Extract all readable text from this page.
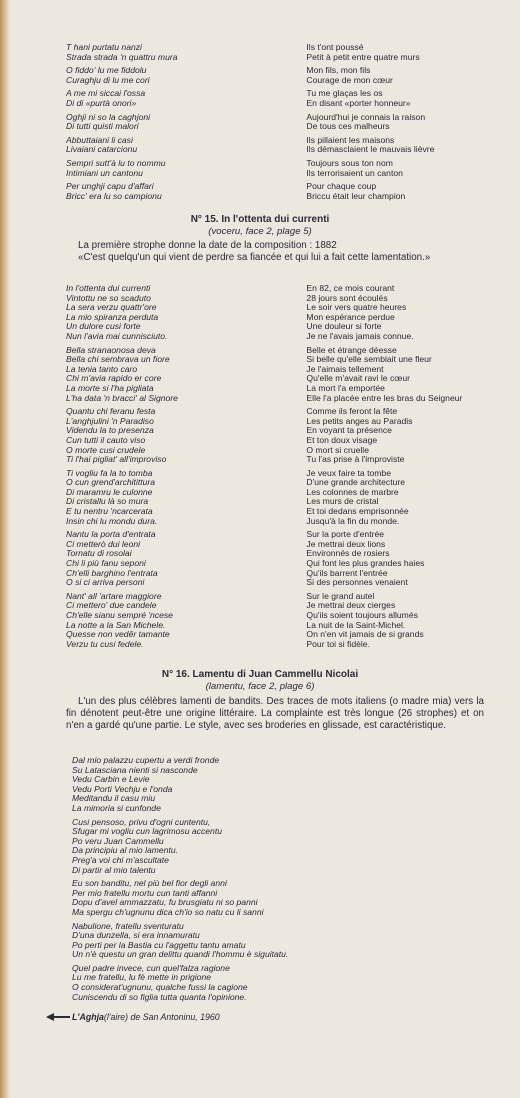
T hani purtatu nanzi	Ils t'ont poussé
Strada strada 'n quattru mura	Petit à petit entre quatre murs
O fiddo' lu me fiddolu	Mon fils, mon fils
Curaghju di lu me cori	Courage de mon cœur
A me mi siccai l'ossa	Tu me glaças les os
Di di «purtà onori»	En disant «porter honneur»
Oghji ni so la caghjoni	Aujourd'hui je connais la raison
Di tutti quisti malori	De tous ces malheurs
Abbuttaiani li casi	Ils pillaient les maisons
Livaiani catarcionu	Ils démasclaient le mauvais lièvre
Sempri sutt'à lu to nommu	Toujours sous ton nom
Intimiani un cantonu	Ils terrorisaient un canton
Per unghji capu d'affari	Pour chaque coup
Bricc' era lu so campionu	Briccu était leur champion
N° 15. In l'ottenta dui currenti
(voceru, face 2, plage 5)

La première strophe donne la date de la composition : 1882

«C'est quelqu'un qui vient de perdre sa fiancée et qui lui a fait cette lamentation.»

In l'ottenta dui currenti	En 82, ce mois courant
Vintottu ne so scaduto	28 jours sont écoulés
La sera verzu quattr'ore	Le soir vers quatre heures
La mio spiranza perduta	Mon espérance perdue
Un dulore cusi forte	Une douleur si forte
Nun l'avia mai cunnisciuto.	Je ne l'avais jamais connue.
Bella stranaonosa deva	Belle et étrange déesse
Bella chi sembrava un fiore	Si belle qu'elle semblait une fleur
La tenia tanto caro	Je l'aimais tellement
Chi m'avia rapido er core	Qu'elle m'avait ravi le cœur
La morte si l'ha pigliata	La mort l'a emportée
L'ha data 'n bracci' al Signore	Elle l'a placée entre les bras du Seigneur
Quantu chi feranu festa	Comme ils feront la fête
L'anghjulini 'n Paradiso	Les petits anges au Paradis
Videndu la to presenza	En voyant ta présence
Cun tutti il cauto viso	Et ton doux visage
O morte cusi crudele	O mort si cruelle
Ti l'hai pigliat' all'improviso	Tu l'as prise à l'improviste
Ti vogliu fa la to tomba	Je veux faire ta tombe
O cun grend'architittura	D'une grande architecture
Di maramru le culonne	Les colonnes de marbre
Di cristallu là so mura	Les murs de cristal
E tu nentru 'ncarcerata	Et toi dedans emprisonnée
Insin chi lu mondu dura.	Jusqu'à la fin du monde.
Nantu la porta d'entrata	Sur la porte d'entrée
Ci metterò dui leoni	Je mettrai deux lions
Tornatu di rosolai	Environnés de rosiers
Chi li più fanu seponi	Qui font les plus grandes haies
Ch'elli barghino l'entrata	Qu'ils barrent l'entrée
O si ci arriva personi	Si des personnes venaient
Nant' all 'artare maggiore	Sur le grand autel
Ci mettero' due candele	Je mettrai deux cierges
Ch'elle sianu sempré 'ncese	Qu'ils soient toujours allumés
La notte a la San Michele.	La nuit de la Saint-Michel.
Quesse non vedêr tamante	On n'en vit jamais de si grands
Verzu tu cusi fedele.	Pour toi si fidèle.
N° 16. Lamentu di Juan Cammellu Nicolai
(lamentu, face 2, plage 6)

L'un des plus célèbres lamenti de bandits. Des traces de mots italiens (o madre mia) vers la fin dénotent peut-être une origine littéraire. La complainte est très longue (26 strophes) et on n'en a gardé qu'une partie. Le style, avec ses broderies en glissade, est caractéristique.

Dal mio palazzu cupertu a verdi fronde
Su Latasciana nienti si nasconde
Vedu Carbin e Levie
Vedu Porti Vechju e l'onda
Meditandu il casu miu
La mimoria si cunfonde
Cusi pensoso, privu d'ogni cuntentu,
Sfugar mi vogliu cun lagrimosu accentu
Po veru Juan Cammellu
Da principiu al mio lamentu.
Preg'a voi chi m'ascultate
Di partir al mio talentu
Eu son banditu, nel più bel fior degli anni
Per mio fratellu mortu cun tanti affanni
Dopu d'avel ammazzatu, fu brusgiatu ni so panni
Ma spergu ch'ugnunu dica ch'io so natu cu li sanni
Nabulione, fratellu sventuratu
D'una dunzella, si era innamuratu
Po perti per la Bastia cu l'aggettu tantu amatu
Un n'è questu un gran delittu quandi l'hommu è siguitatu.
Quel padre invece, cun quel'falza ragione
Lu me fratellu, lu fè mette in prigione
O considerat'ugnunu, qualche fussi la cagione
Cuniscendu di so figlia tutta quanta l'opinione.
L'Aghja (l'aire) de San Antoninu, 1960
